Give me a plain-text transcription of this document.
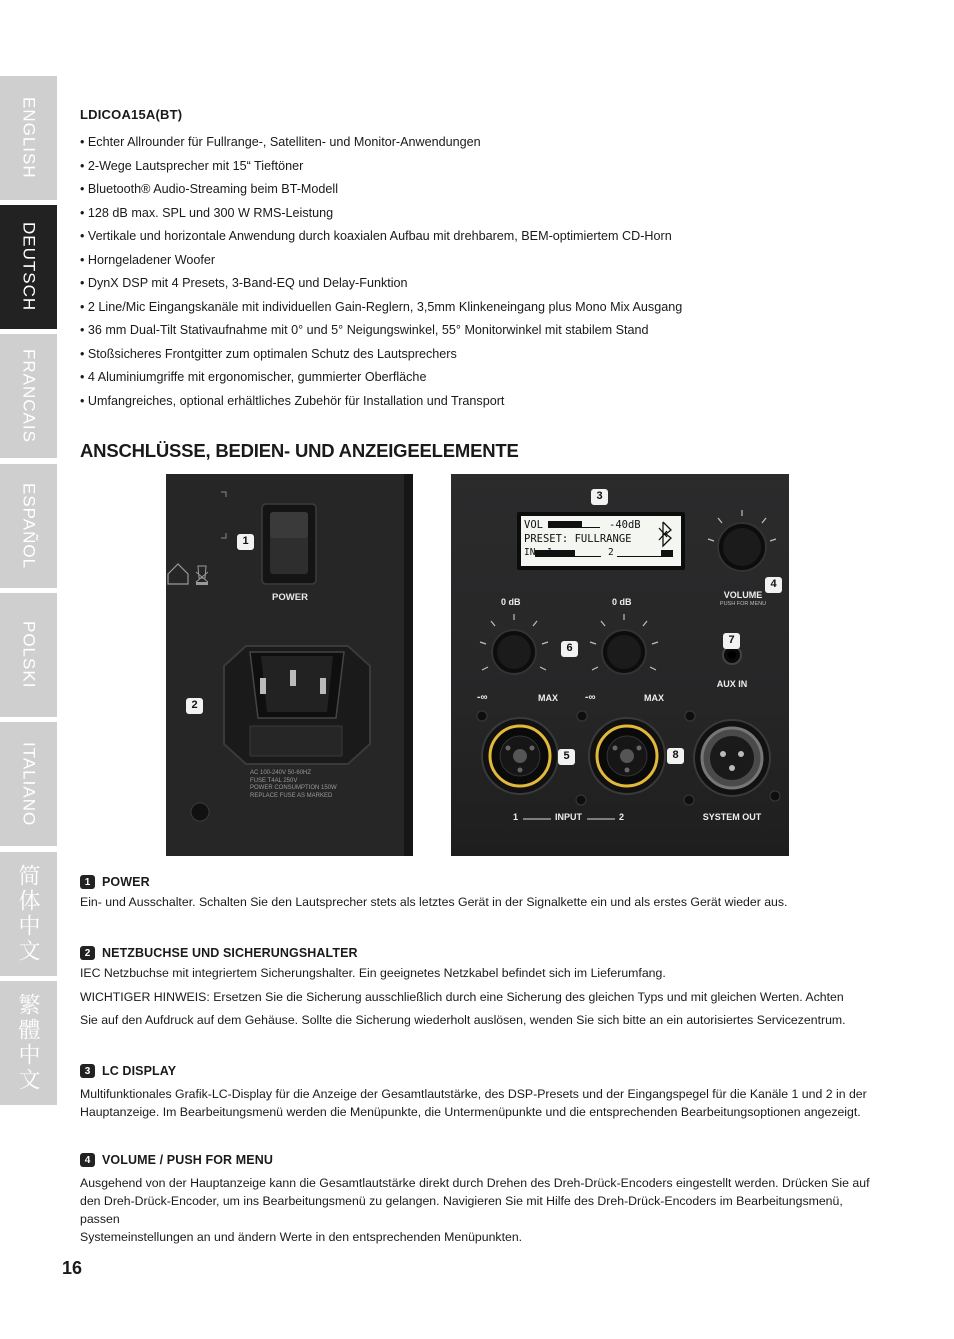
ENGLISH
DEUTSCH
FRANCAIS
ESPAÑOL
POLSKI
ITALIANO
简体中文
繁體中文
LDICOA15A(BT)
• Echter Allrounder für Fullrange-, Satelliten- und Monitor-Anwendungen
• 2-Wege Lautsprecher mit 15“ Tieftöner
• Bluetooth® Audio-Streaming beim BT-Modell
• 128 dB max. SPL und 300 W RMS-Leistung
• Vertikale und horizontale Anwendung durch koaxialen Aufbau mit drehbarem, BEM-optimiertem CD-Horn
• Horngeladener Woofer
• DynX DSP mit 4 Presets, 3-Band-EQ und Delay-Funktion
• 2 Line/Mic Eingangskanäle mit individuellen Gain-Reglern, 3,5mm Klinkeneingang plus Mono Mix Ausgang
• 36 mm Dual-Tilt Stativaufnahme mit 0° und 5° Neigungswinkel, 55° Monitorwinkel mit stabilem Stand
• Stoßsicheres Frontgitter zum optimalen Schutz des Lautsprechers
• 4 Aluminiumgriffe mit ergonomischer, gummierter Oberfläche
• Umfangreiches, optional erhältliches Zubehör für Installation und Transport
ANSCHLÜSSE, BEDIEN- UND ANZEIGEELEMENTE
1
2
POWER
AC 100-240V 50-60HZ
FUSE T4AL 250V
POWER CONSUMPTION 150W
REPLACE FUSE AS MARKED
VOL	-40dB
PRESET: FULLRANGE
IN: 1	2
0 dB	0 dB
-∞	MAX	-∞	MAX
VOLUME
PUSH FOR MENU
AUX IN
1	INPUT	2	SYSTEM OUT
3
4
5
6
7
8
1 POWER

Ein- und Ausschalter. Schalten Sie den Lautsprecher stets als letztes Gerät in der Signalkette ein und als erstes Gerät wieder aus.

2 NETZBUCHSE UND SICHERUNGSHALTER

IEC Netzbuchse mit integriertem Sicherungshalter. Ein geeignetes Netzkabel befindet sich im Lieferumfang.

WICHTIGER HINWEIS: Ersetzen Sie die Sicherung ausschließlich durch eine Sicherung des gleichen Typs und mit gleichen Werten. Achten

Sie auf den Aufdruck auf dem Gehäuse. Sollte die Sicherung wiederholt auslösen, wenden Sie sich bitte an ein autorisiertes Servicezentrum.

3 LC DISPLAY

Multifunktionales Grafik-LC-Display für die Anzeige der Gesamtlautstärke, des DSP-Presets und der Eingangspegel für die Kanäle 1 und 2 in der

Hauptanzeige. Im Bearbeitungsmenü werden die Menüpunkte, die Untermenüpunkte und die entsprechenden Bearbeitungsoptionen angezeigt.

4 VOLUME / PUSH FOR MENU

Ausgehend von der Hauptanzeige kann die Gesamtlautstärke direkt durch Drehen des Dreh-Drück-Encoders eingestellt werden. Drücken Sie auf

den Dreh-Drück-Encoder, um ins Bearbeitungsmenü zu gelangen. Navigieren Sie mit Hilfe des Dreh-Drück-Encoders im Bearbeitungsmenü, passen

Systemeinstellungen an und ändern Werte in den entsprechenden Menüpunkten.

16
